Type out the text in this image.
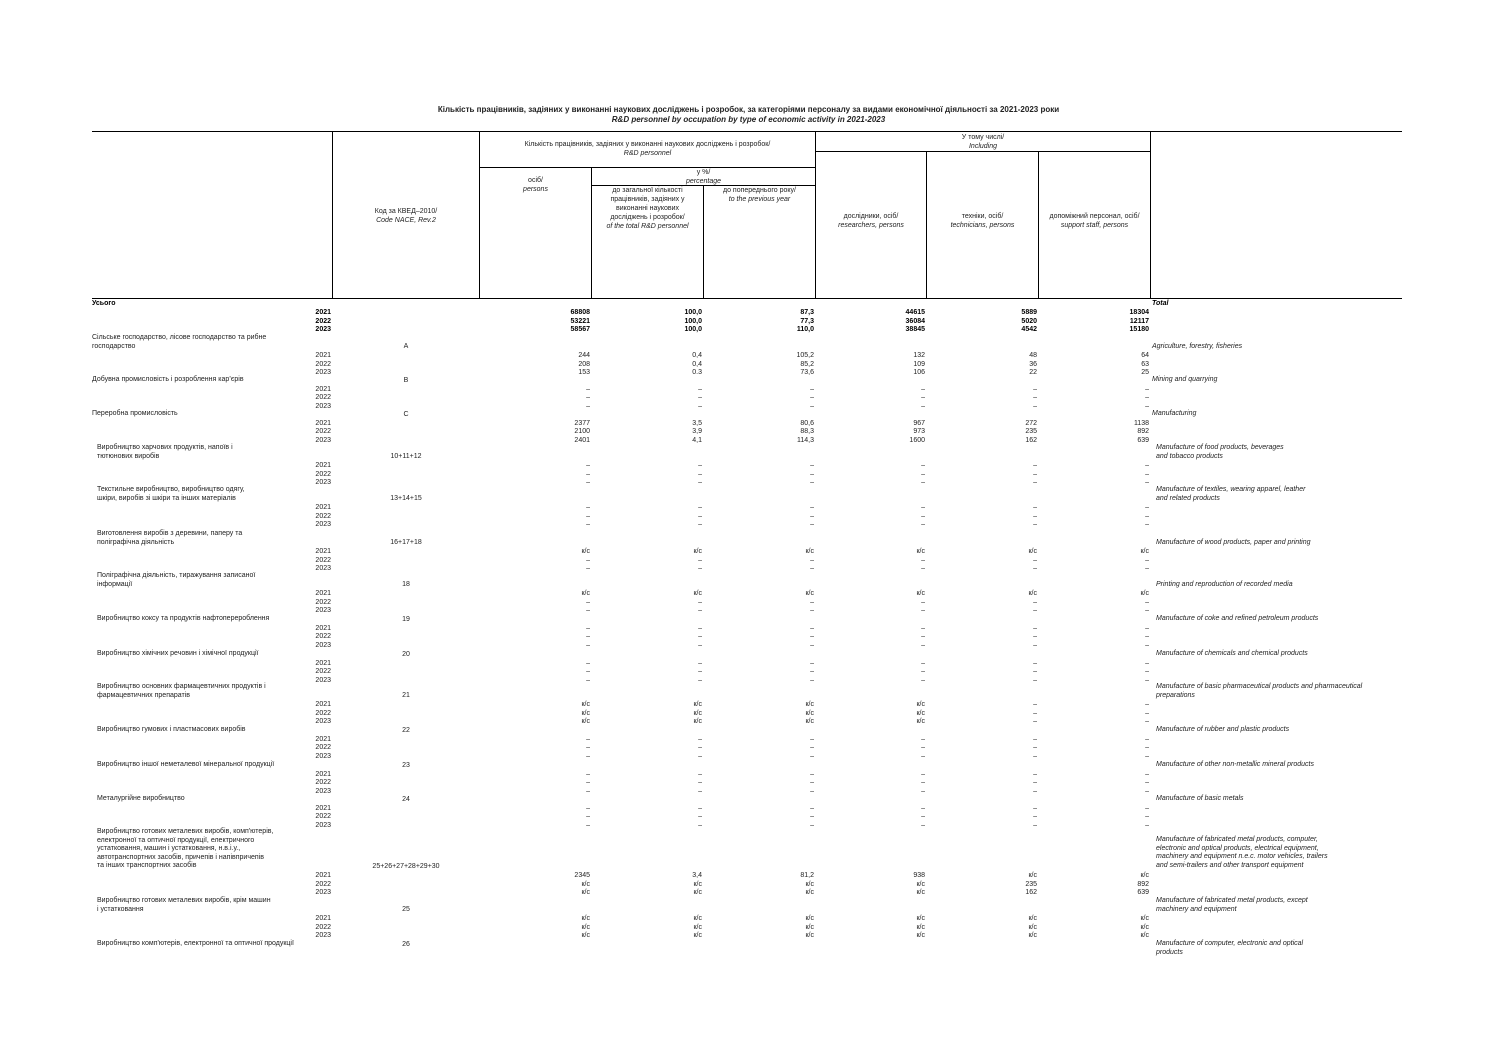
Кількість працівників, задіяних у виконанні наукових досліджень і розробок, за категоріями персоналу за видами економічної діяльності за 2021-2023 роки
R&D personnel by occupation by type of economic activity in 2021-2023
Код за КВЕД–2010/
Code NACE, Rev.2
Кількість працівників, задіяних у виконанні наукових досліджень і розробок/
R&D personnel
осіб/
persons
у %/
percentage
до загальної кількості
працівників, задіяних у
виконанні наукових
досліджень і розробок/
of the total R&D personnel
до попереднього року/
to the previous year
У тому числі/
Including
дослідники, осіб/
researchers, persons
техніки, осіб/
technicians, persons
допоміжний персонал, осіб/
support staff, persons
Усього	Total
2021	68808	100,0	87,3	44615	5889	18304
2022	53221	100,0	77,3	36084	5020	12117
2023	58567	100,0	110,0	38845	4542	15180
Сільське господарство, лісове господарство та рибне
господарство	Agriculture, forestry, fisheries
A
2021	244	0,4	105,2	132	48	64
2022	208	0,4	85,2	109	36	63
2023	153	0.3	73,6	106	22	25
Добувна промисловість і розроблення кар’єрів	Mining and quarrying
B
2021	–	–	–	–	–	–
2022	–	–	–	–	–	–
2023	–	–	–	–	–	–
Переробна промисловість	Manufacturing
C
2021	2377	3,5	80,6	967	272	1138
2022	2100	3,9	88,3	973	235	892
2023	2401	4,1	114,3	1600	162	639
Виробництво харчових продуктів, напоїв і
тютюнових виробів
Manufacture of food products, beverages
and tobacco products
10+11+12
2021	–	–	–	–	–	–
2022	–	–	–	–	–	–
2023	–	–	–	–	–	–
Текстильне виробництво, виробництво одягу,
шкіри, виробів зі шкіри та інших матеріалів
Manufacture of textiles, wearing apparel, leather
and related products
13+14+15
2021	–	–	–	–	–	–
2022	–	–	–	–	–	–
2023	–	–	–	–	–	–
Виготовлення виробів з деревини, паперу та
поліграфічна діяльність	Manufacture of wood products, paper and printing
16+17+18
2021	к/с	к/с	к/с	к/с	к/с	к/с
2022	–	–	–	–	–	–
2023	–	–	–	–	–	–
Поліграфічна діяльність, тиражування записаної
інформації	Printing and reproduction of recorded media
18
2021	к/с	к/с	к/с	к/с	к/с	к/с
2022	–	–	–	–	–	–
2023	–	–	–	–	–	–
Виробництво коксу та продуктів нафтоперероблення	Manufacture of coke and refined petroleum products
19
2021	–	–	–	–	–	–
2022	–	–	–	–	–	–
2023	–	–	–	–	–	–
Виробництво хімічних речовин і хімічної продукції	Manufacture of chemicals and chemical products
20
2021	–	–	–	–	–	–
2022	–	–	–	–	–	–
2023	–	–	–	–	–	–
Виробництво основних фармацевтичних продуктів і
фармацевтичних препаратів
Manufacture of basic pharmaceutical products and pharmaceutical
preparations
21
2021	к/с	к/с	к/с	к/с	–	–
2022	к/с	к/с	к/с	к/с	–	–
2023	к/с	к/с	к/с	к/с	–	–
Виробництво гумових і пластмасових виробів	Manufacture of rubber and plastic products
22
2021	–	–	–	–	–	–
2022	–	–	–	–	–	–
2023	–	–	–	–	–	–
Виробництво іншої неметалевої мінеральної продукції	Manufacture of other non-metallic mineral products
23
2021	–	–	–	–	–	–
2022	–	–	–	–	–	–
2023	–	–	–	–	–	–
Металургійне виробництво	Manufacture of basic metals
24
2021	–	–	–	–	–	–
2022	–	–	–	–	–	–
2023	–	–	–	–	–	–
Виробництво готових металевих виробів, комп'ютерів,
електронної та оптичної продукції, електричного
устатковання, машин і устатковання, н.в.і.у.,
автотранспортних засобів, причепів і напівпричепів
та інших транспортних засобів
Manufacture of fabricated metal products, computer,
electronic and optical products, electrical equipment,
machinery and equipment n.e.c. motor vehicles, trailers
and semi-trailers and other transport equipment
25+26+27+28+29+30
2021	2345	3,4	81,2	938	к/с	к/с
2022	к/с	к/с	к/с	к/с	235	892
2023	к/с	к/с	к/с	к/с	162	639
Виробництво готових металевих виробів, крім машин
і устатковання
Manufacture of fabricated metal products, except
machinery and equipment
25
2021	к/с	к/с	к/с	к/с	к/с	к/с
2022	к/с	к/с	к/с	к/с	к/с	к/с
2023	к/с	к/с	к/с	к/с	к/с	к/с
Виробництво комп'ютерів, електронної та оптичної продукції	Manufacture of computer, electronic and optical
products
26
